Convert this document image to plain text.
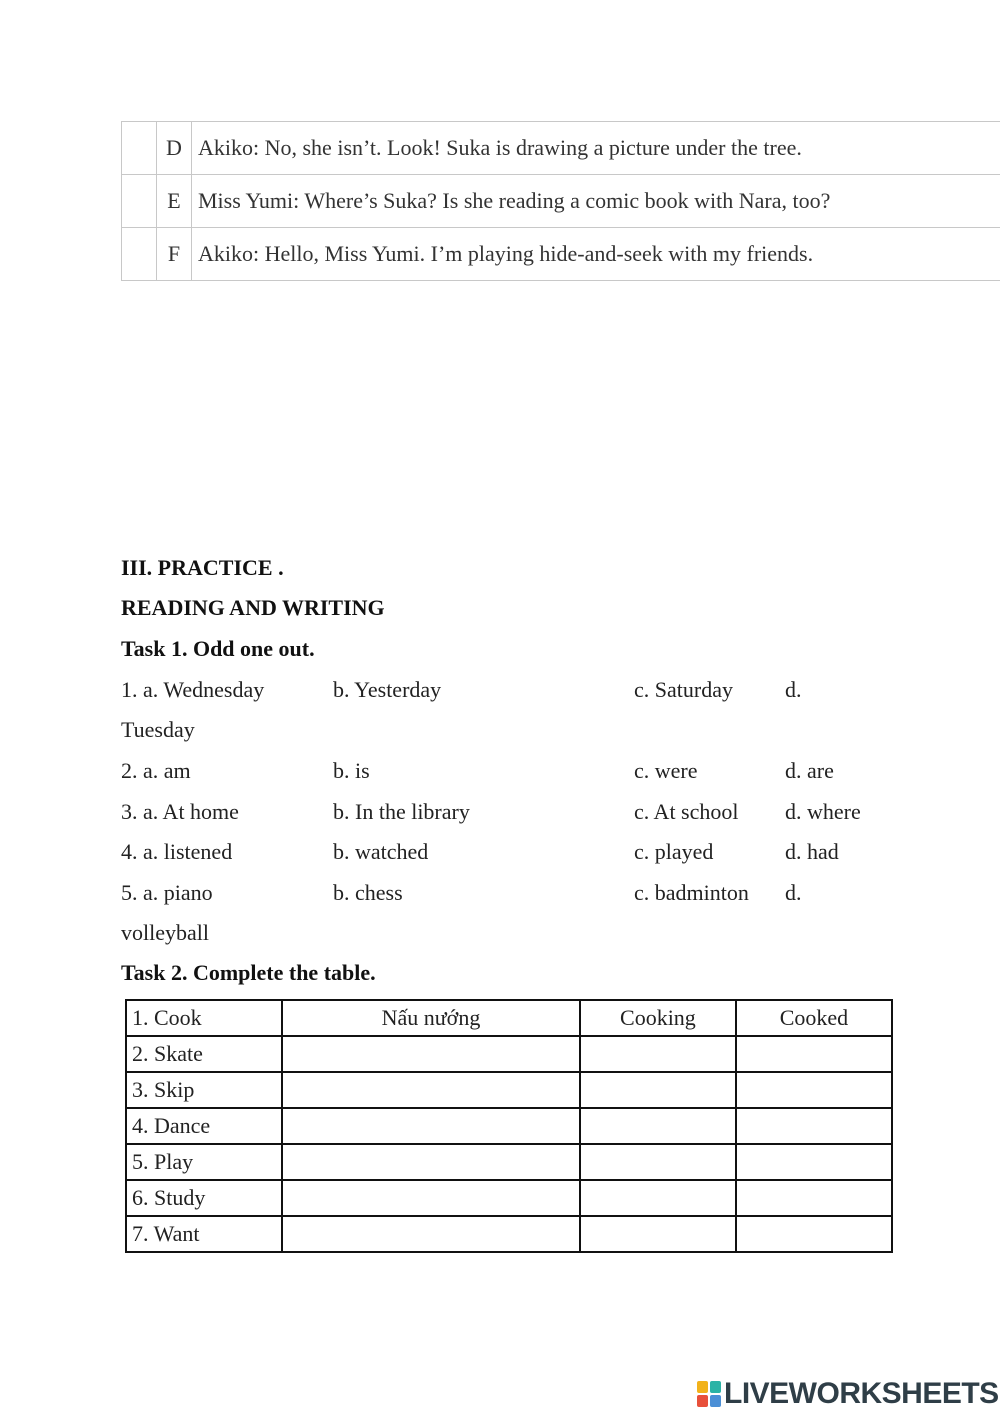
	D	Akiko: No, she isn’t. Look! Suka is drawing a picture under the tree.
	E	Miss Yumi: Where’s Suka? Is she reading a comic book with Nara, too?
	F	Akiko: Hello, Miss Yumi. I’m playing hide-and-seek with my friends.
III. PRACTICE .
READING AND WRITING
Task 1. Odd one out.
1. a. Wednesday	b. Yesterday	c. Saturday d.
Tuesday
2. a. am	b. is	c. were	d. are
3. a. At home	b. In the library	c. At school d. where
4. a. listened	b. watched	c. played	d. had
5. a. piano	b. chess	c. badminton d.
volleyball
Task 2. Complete the table.
1. Cook	Nấu nướng	Cooking	Cooked
2. Skate			
3. Skip			
4. Dance			
5. Play			
6. Study			
7. Want			
LIVEWORKSHEETS
